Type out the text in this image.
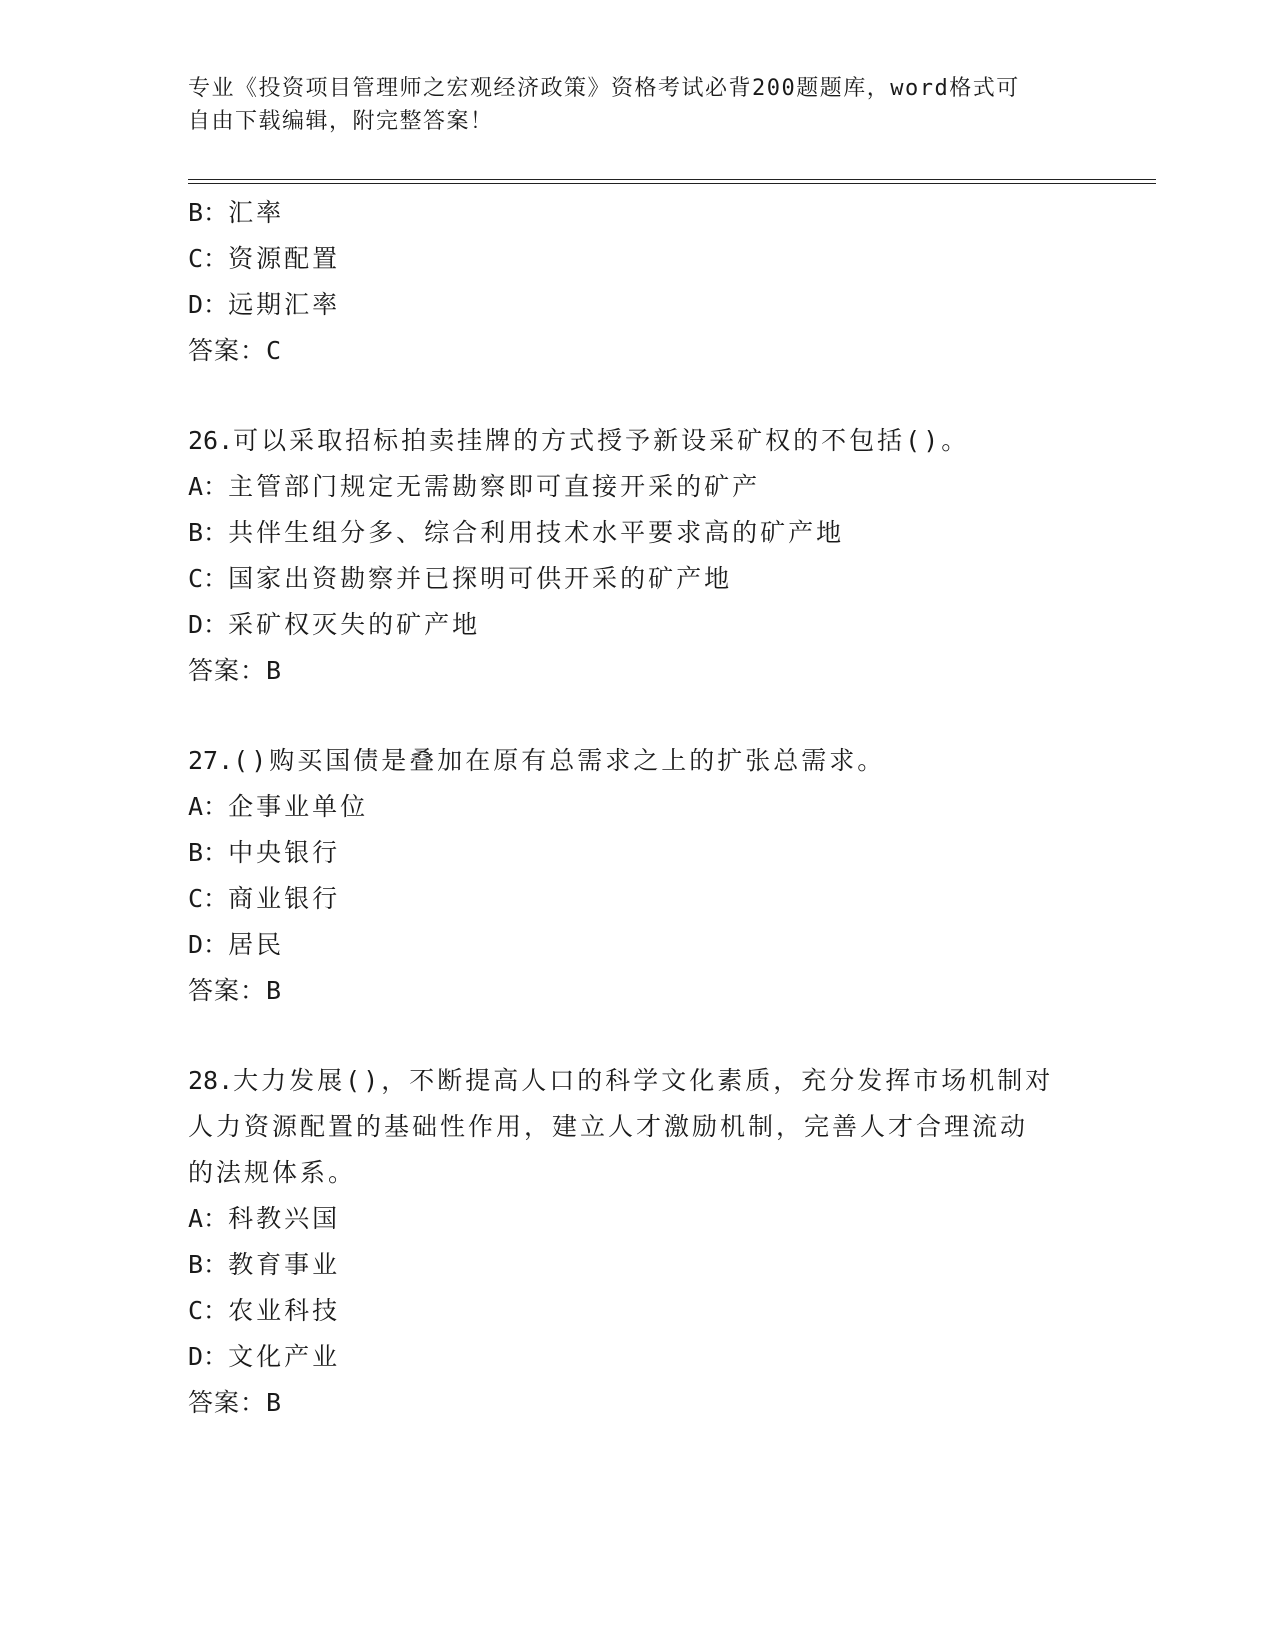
专业《投资项目管理师之宏观经济政策》资格考试必背200题题库，word格式可
自由下载编辑，附完整答案！
B：汇率
C：资源配置
D：远期汇率
答案：C
26.可以采取招标拍卖挂牌的方式授予新设采矿权的不包括()。
A：主管部门规定无需勘察即可直接开采的矿产
B：共伴生组分多、综合利用技术水平要求高的矿产地
C：国家出资勘察并已探明可供开采的矿产地
D：采矿权灭失的矿产地
答案：B
27.()购买国债是叠加在原有总需求之上的扩张总需求。
A：企事业单位
B：中央银行
C：商业银行
D：居民
答案：B
28.大力发展()，不断提高人口的科学文化素质，充分发挥市场机制对
人力资源配置的基础性作用，建立人才激励机制，完善人才合理流动
的法规体系。
A：科教兴国
B：教育事业
C：农业科技
D：文化产业
答案：B
